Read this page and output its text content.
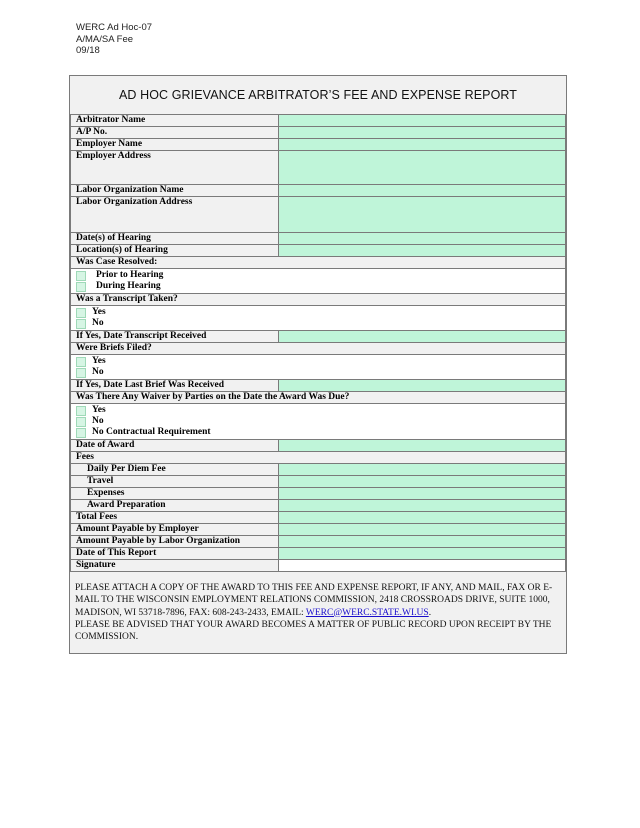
WERC Ad Hoc-07
A/MA/SA Fee
09/18
AD HOC GRIEVANCE ARBITRATOR’S FEE AND EXPENSE REPORT
Arbitrator Name	
A/P No.	
Employer Name	
Employer Address	
Labor Organization Name	
Labor Organization Address	
Date(s) of Hearing	
Location(s) of Hearing	
Was Case Resolved:	

Prior to Hearing
During Hearing	

Was a Transcript Taken?	

Yes
No	

If Yes, Date Transcript Received	
Were Briefs Filed?	

Yes
No	

If Yes, Date Last Brief Was Received	
Was There Any Waiver by Parties on the Date the Award Was Due?	

Yes
No
No Contractual Requirement	

Date of Award	
Fees	
Daily Per Diem Fee	
Travel	
Expenses	
Award Preparation	
Total Fees	
Amount Payable by Employer	
Amount Payable by Labor Organization	
Date of This Report	
Signature	
PLEASE ATTACH A COPY OF THE AWARD TO THIS FEE AND EXPENSE REPORT, IF ANY, AND MAIL, FAX OR E-MAIL TO THE WISCONSIN EMPLOYMENT RELATIONS COMMISSION, 2418 CROSSROADS DRIVE, SUITE 1000, MADISON, WI 53718-7896, FAX: 608-243-2433, EMAIL: WERC@WERC.STATE.WI.US.
PLEASE BE ADVISED THAT YOUR AWARD BECOMES A MATTER OF PUBLIC RECORD UPON RECEIPT BY THE COMMISSION.
